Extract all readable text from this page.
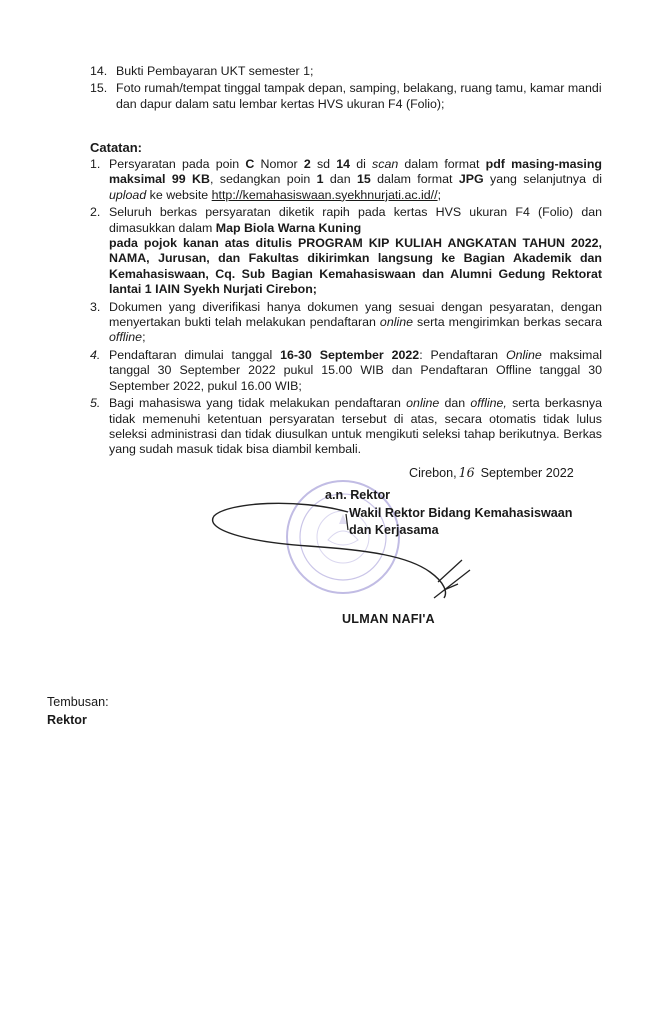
14. Bukti Pembayaran UKT semester 1;
15. Foto rumah/tempat tinggal tampak depan, samping, belakang, ruang tamu, kamar mandi dan dapur dalam satu lembar kertas HVS ukuran F4 (Folio);
Catatan:
1. Persyaratan pada poin C Nomor 2 sd 14 di scan dalam format pdf masing-masing maksimal 99 KB, sedangkan poin 1 dan 15 dalam format JPG yang selanjutnya di upload ke website http://kemahasiswaan.syekhnurjati.ac.id//;
2. Seluruh berkas persyaratan diketik rapih pada kertas HVS ukuran F4 (Folio) dan dimasukkan dalam Map Biola Warna Kuning
pada pojok kanan atas ditulis PROGRAM KIP KULIAH ANGKATAN TAHUN 2022, NAMA, Jurusan, dan Fakultas dikirimkan langsung ke Bagian Akademik dan Kemahasiswaan, Cq. Sub Bagian Kemahasiswaan dan Alumni Gedung Rektorat lantai 1 IAIN Syekh Nurjati Cirebon;
3. Dokumen yang diverifikasi hanya dokumen yang sesuai dengan pesyaratan, dengan menyertakan bukti telah melakukan pendaftaran online serta mengirimkan berkas secara offline;
4. Pendaftaran dimulai tanggal 16-30 September 2022: Pendaftaran Online maksimal tanggal 30 September 2022 pukul 15.00 WIB dan Pendaftaran Offline tanggal 30 September 2022, pukul 16.00 WIB;
5. Bagi mahasiswa yang tidak melakukan pendaftaran online dan offline, serta berkasnya tidak memenuhi ketentuan persyaratan tersebut di atas, secara otomatis tidak lulus seleksi administrasi dan tidak diusulkan untuk mengikuti seleksi tahap berikutnya. Berkas yang sudah masuk tidak bisa diambil kembali.
Cirebon, 16 September 2022
a.n. Rektor
Wakil Rektor Bidang Kemahasiswaan
dan Kerjasama
ULMAN NAFI'A
Tembusan:
Rektor
